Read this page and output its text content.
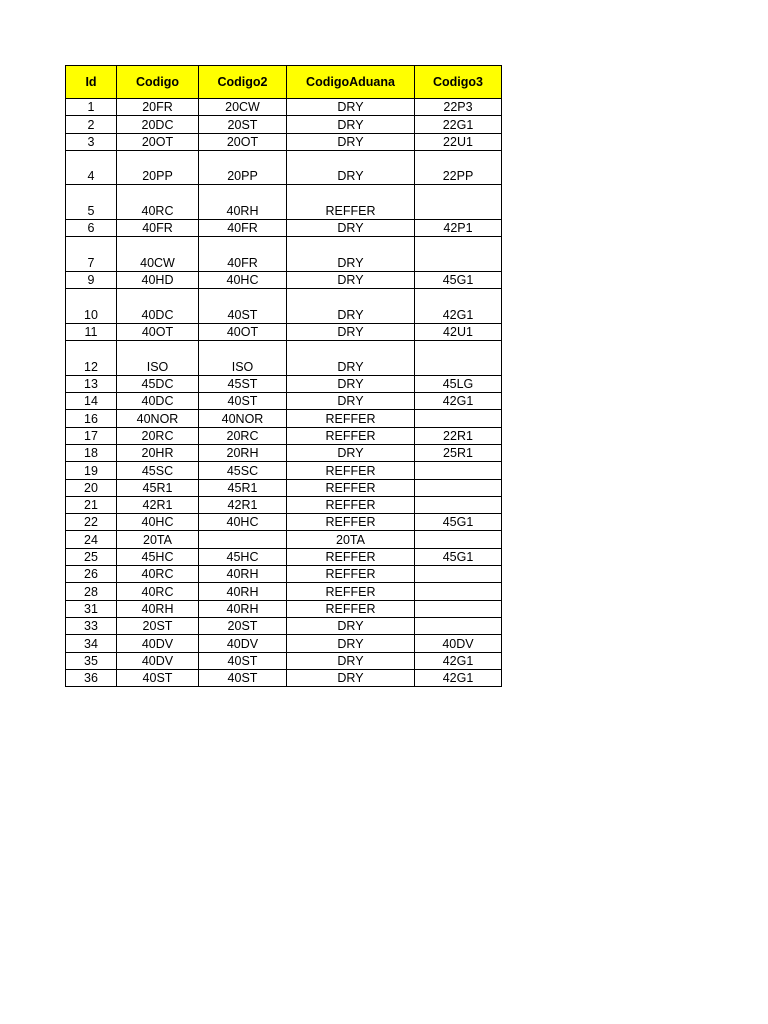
Id	Codigo	Codigo2	CodigoAduana	Codigo3
1	20FR	20CW	DRY	22P3
2	20DC	20ST	DRY	22G1
3	20OT	20OT	DRY	22U1
4	20PP	20PP	DRY	22PP
5	40RC	40RH	REFFER	
6	40FR	40FR	DRY	42P1
7	40CW	40FR	DRY	
9	40HD	40HC	DRY	45G1
10	40DC	40ST	DRY	42G1
11	40OT	40OT	DRY	42U1
12	ISO	ISO	DRY	
13	45DC	45ST	DRY	45LG
14	40DC	40ST	DRY	42G1
16	40NOR	40NOR	REFFER	
17	20RC	20RC	REFFER	22R1
18	20HR	20RH	DRY	25R1
19	45SC	45SC	REFFER	
20	45R1	45R1	REFFER	
21	42R1	42R1	REFFER	
22	40HC	40HC	REFFER	45G1
24	20TA		20TA	
25	45HC	45HC	REFFER	45G1
26	40RC	40RH	REFFER	
28	40RC	40RH	REFFER	
31	40RH	40RH	REFFER	
33	20ST	20ST	DRY	
34	40DV	40DV	DRY	40DV
35	40DV	40ST	DRY	42G1
36	40ST	40ST	DRY	42G1
